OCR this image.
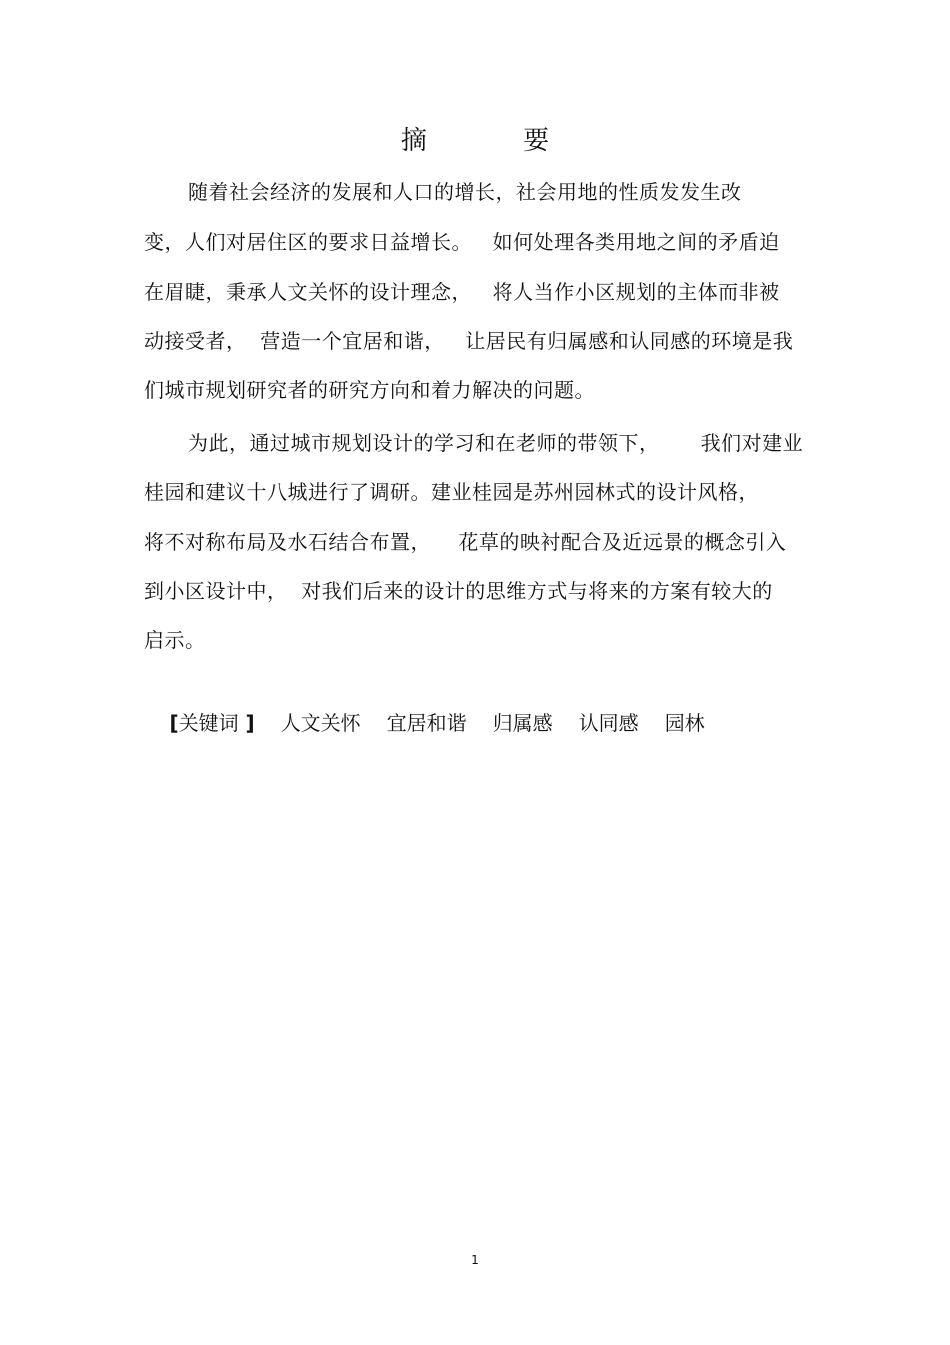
摘 要
随着社会经济的发展和人口的增长，社会用地的性质发发生改
变，人们对居住区的要求日益增长。   如何处理各类用地之间的矛盾迫
在眉睫，秉承人文关怀的设计理念，   将人当作小区规划的主体而非被
动接受者，  营造一个宜居和谐，   让居民有归属感和认同感的环境是我
们城市规划研究者的研究方向和着力解决的问题。
为此，通过城市规划设计的学习和在老师的带领下，      我们对建业
桂园和建议十八城进行了调研。建业桂园是苏州园林式的设计风格，
将不对称布局及水石结合布置，    花草的映衬配合及近远景的概念引入
到小区设计中，  对我们后来的设计的思维方式与将来的方案有较大的
启示。

[关键词 ] 人文关怀 宜居和谐 归属感 认同感 园林

1
